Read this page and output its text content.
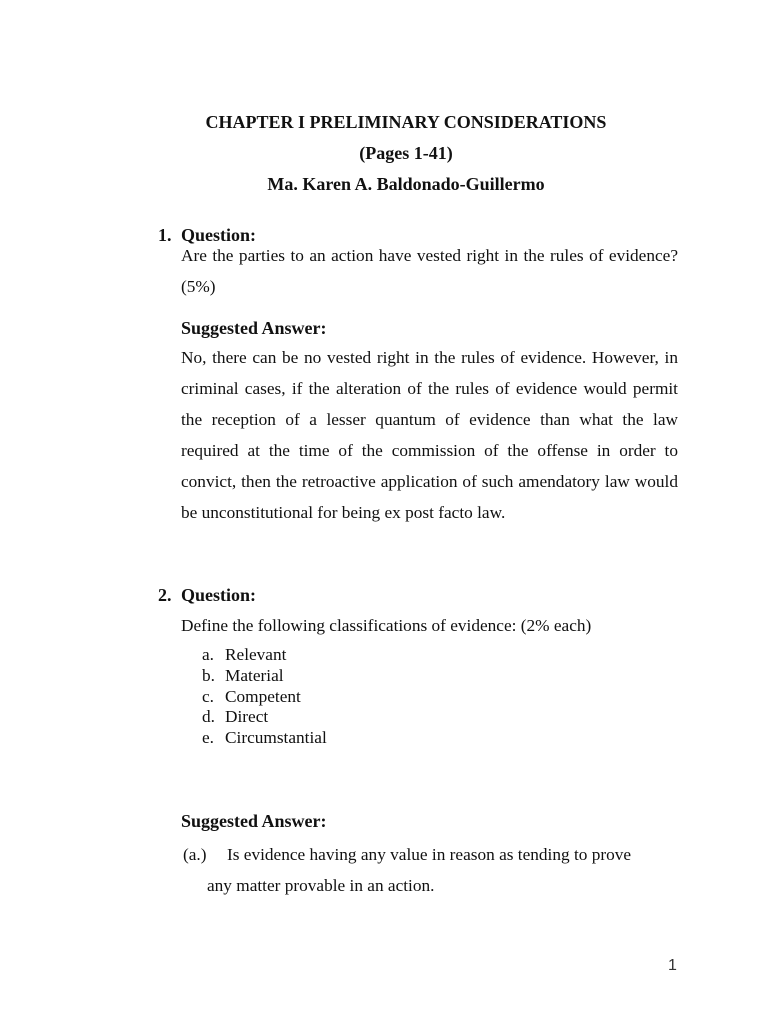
CHAPTER I PRELIMINARY CONSIDERATIONS
(Pages 1-41)
Ma. Karen A. Baldonado-Guillermo
1. Question:
Are the parties to an action have vested right in the rules of evidence? (5%)
Suggested Answer:
No, there can be no vested right in the rules of evidence. However, in criminal cases, if the alteration of the rules of evidence would permit the reception of a lesser quantum of evidence than what the law required at the time of the commission of the offense in order to convict, then the retroactive application of such amendatory law would be unconstitutional for being ex post facto law.
2. Question:
Define the following classifications of evidence: (2% each)
a. Relevant
b. Material
c. Competent
d. Direct
e. Circumstantial
Suggested Answer:
(a.) Is evidence having any value in reason as tending to prove
any matter provable in an action.
1
